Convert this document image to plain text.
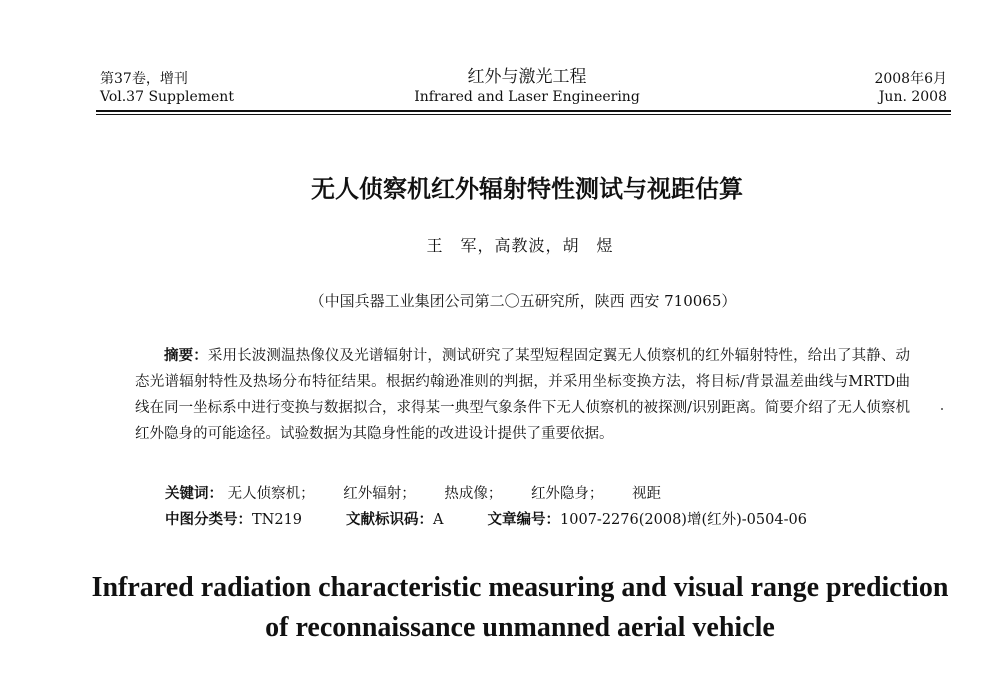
第37卷，增刊
Vol.37 Supplement
红外与激光工程
Infrared and Laser Engineering
2008年6月
Jun. 2008
无人侦察机红外辐射特性测试与视距估算
王　军，高教波，胡　煜
（中国兵器工业集团公司第二〇五研究所，陕西 西安 710065）
摘要：采用长波测温热像仪及光谱辐射计，测试研究了某型短程固定翼无人侦察机的红外辐射特性，给出了其静、动态光谱辐射特性及热场分布特征结果。根据约翰逊准则的判据，并采用坐标变换方法，将目标/背景温差曲线与MRTD曲线在同一坐标系中进行变换与数据拟合，求得某一典型气象条件下无人侦察机的被探测/识别距离。简要介绍了无人侦察机红外隐身的可能途径。试验数据为其隐身性能的改进设计提供了重要依据。
关键词： 无人侦察机； 红外辐射； 热成像； 红外隐身； 视距
中图分类号：TN219	文献标识码：A	文章编号：1007-2276(2008)增(红外)-0504-06
Infrared radiation characteristic measuring and visual range prediction
of reconnaissance unmanned aerial vehicle
